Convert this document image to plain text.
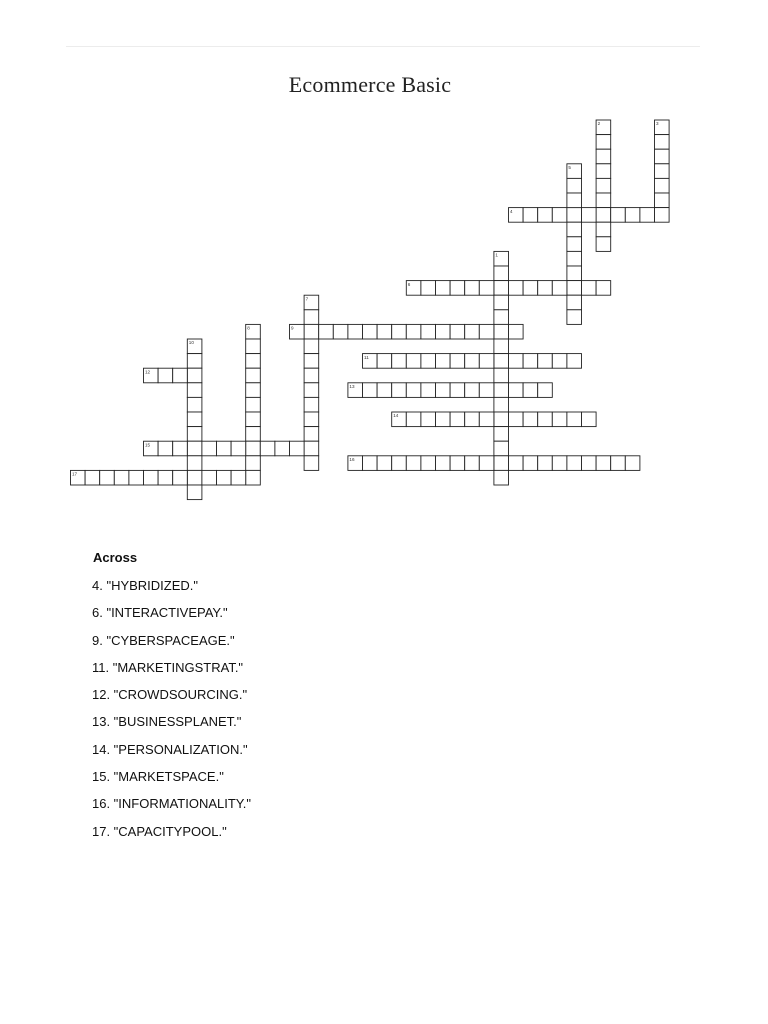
Ecommerce Basic
1
2	3
4
5
6
7
8	9
10
11
12
13
14
15
16
17
Across
4. "HYBRIDIZED."
6. "INTERACTIVEPAY."
9. "CYBERSPACEAGE."
11. "MARKETINGSTRAT."
12. "CROWDSOURCING."
13. "BUSINESSPLANET."
14. "PERSONALIZATION."
15. "MARKETSPACE."
16. "INFORMATIONALITY."
17. "CAPACITYPOOL."
